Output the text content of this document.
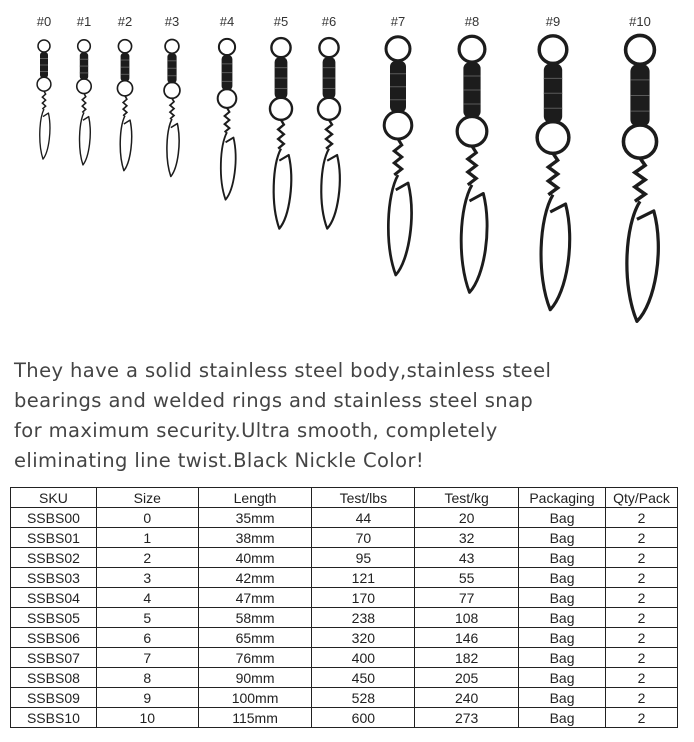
#0 #1 #2	#3	#4	#5	#6	#7	#8	#9	#10
They have a solid stainless steel body,stainless steel
bearings and welded rings and stainless steel snap
for maximum security.Ultra smooth, completely
eliminating line twist.Black Nickle Color!
SKU	Size	Length	Test/lbs	Test/kg	Packaging	Qty/Pack
SSBS00	0	35mm	44	20	Bag	2
SSBS01	1	38mm	70	32	Bag	2
SSBS02	2	40mm	95	43	Bag	2
SSBS03	3	42mm	121	55	Bag	2
SSBS04	4	47mm	170	77	Bag	2
SSBS05	5	58mm	238	108	Bag	2
SSBS06	6	65mm	320	146	Bag	2
SSBS07	7	76mm	400	182	Bag	2
SSBS08	8	90mm	450	205	Bag	2
SSBS09	9	100mm	528	240	Bag	2
SSBS10	10	115mm	600	273	Bag	2
